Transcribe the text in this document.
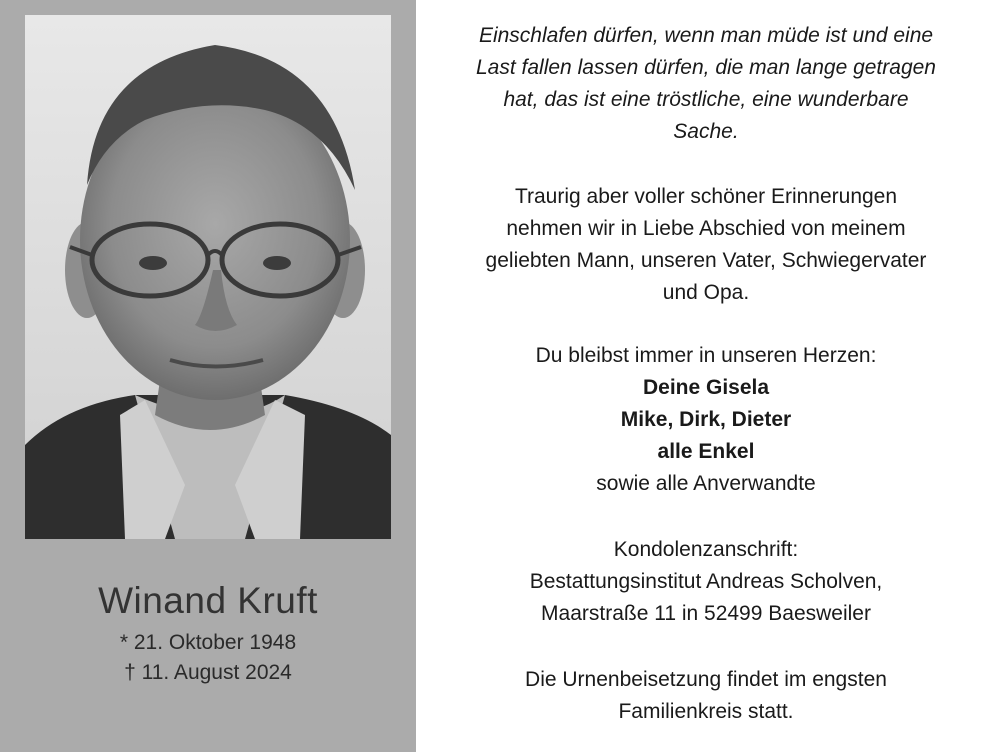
Winand Kruft
* 21. Oktober 1948
† 11. August 2024
Einschlafen dürfen, wenn man müde ist und eine
Last fallen lassen dürfen, die man lange getragen
hat, das ist eine tröstliche, eine wunderbare
Sache.
Traurig aber voller schöner Erinnerungen
nehmen wir in Liebe Abschied von meinem
geliebten Mann, unseren Vater, Schwiegervater
und Opa.
Du bleibst immer in unseren Herzen:
Deine Gisela
Mike, Dirk, Dieter
alle Enkel
sowie alle Anverwandte
Kondolenzanschrift:
Bestattungsinstitut Andreas Scholven,
Maarstraße 11 in 52499 Baesweiler
Die Urnenbeisetzung findet im engsten
Familienkreis statt.
